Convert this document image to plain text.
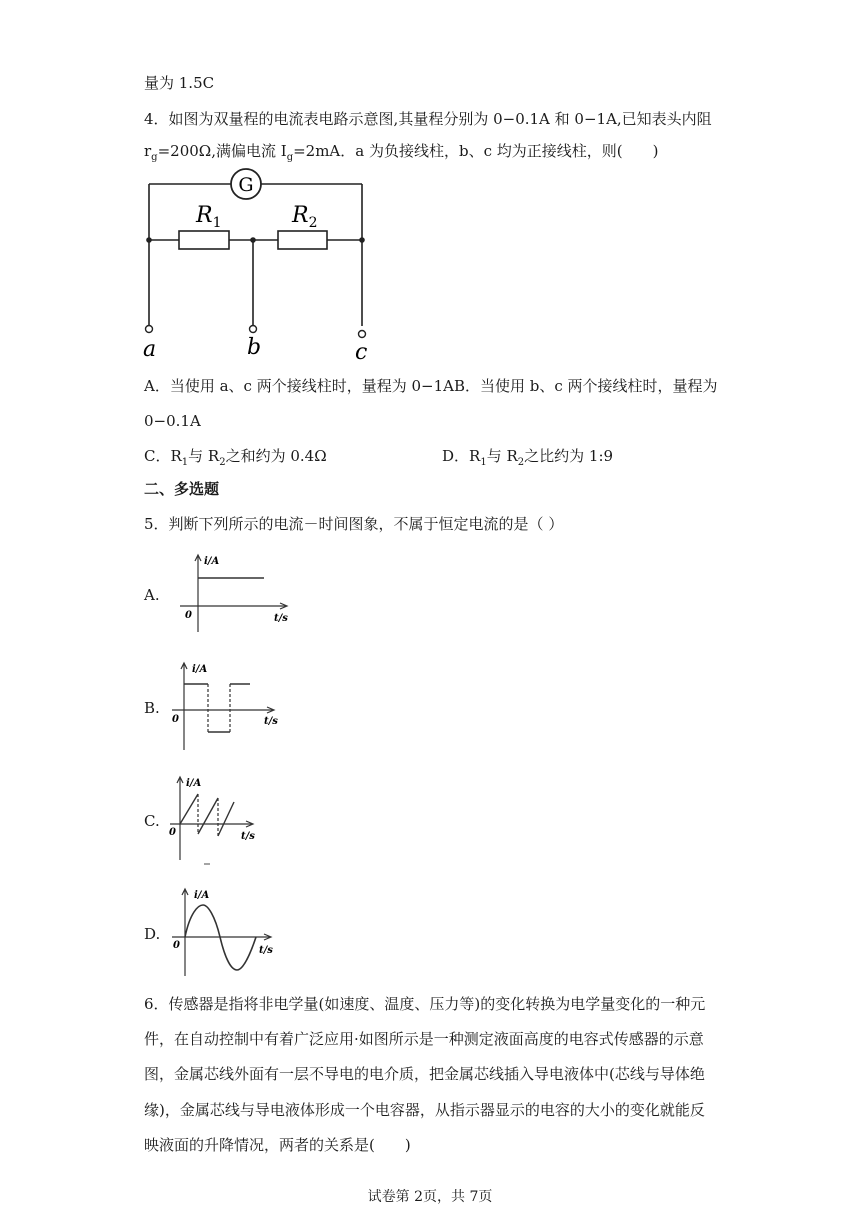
量为 1.5C
4．如图为双量程的电流表电路示意图,其量程分别为 0−0.1A 和 0−1A,已知表头内阻
$r_g=200\Omega$,满偏电流 $I_g=2mA$．a 为负接线柱，b、c 均为正接线柱，则(　　)
G
$R_1$	$R_2$
a	b	c
A．当使用 a、c 两个接线柱时，量程为 0−1AB．当使用 b、c 两个接线柱时，量程为
0−0.1A
C．$R_1$与 $R_2$之和约为 0.4Ω	D．$R_1$与 $R_2$之比约为 1:9
二、多选题
5．判断下列所示的电流－时间图象，不属于恒定电流的是（ ）
A.
i/A
0	t/s
B.
i/A
0	t/s
C.
i/A
0	t/s
D.
i/A
0	t/s
6．传感器是指将非电学量(如速度、温度、压力等)的变化转换为电学量变化的一种元
件，在自动控制中有着广泛应用·如图所示是一种测定液面高度的电容式传感器的示意
图，金属芯线外面有一层不导电的电介质，把金属芯线插入导电液体中(芯线与导体绝
缘)，金属芯线与导电液体形成一个电容器，从指示器显示的电容的大小的变化就能反
映液面的升降情况，两者的关系是(　　)
试卷第 2页，共 7页
